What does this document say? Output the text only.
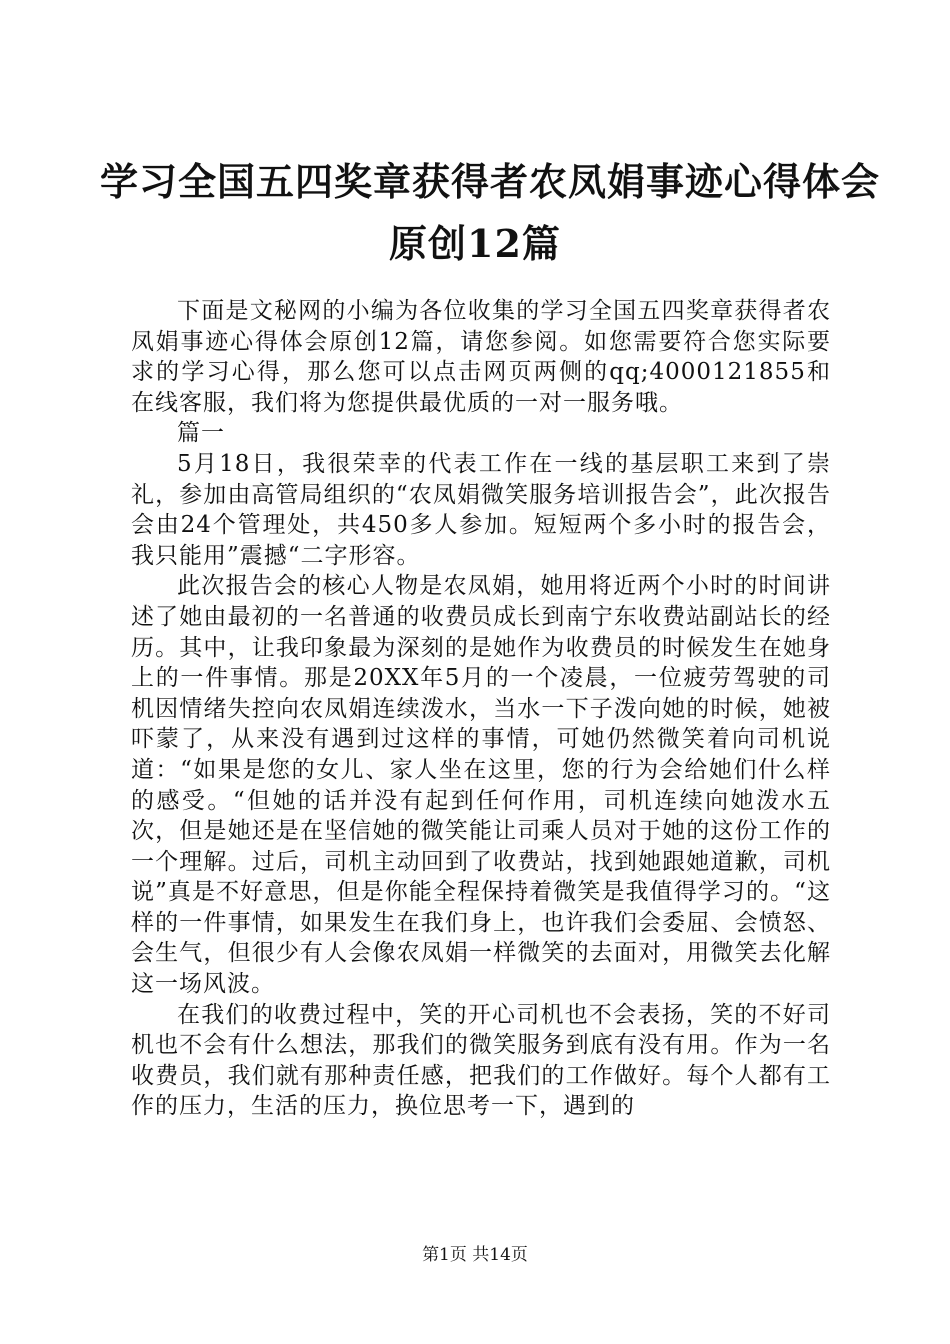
学习全国五四奖章获得者农凤娟事迹心得体会
原创12篇

下面是文秘网的小编为各位收集的学习全国五四奖章获得者农凤娟事迹心得体会原创12篇，请您参阅。如您需要符合您实际要求的学习心得，那么您可以点击网页两侧的qq;4000121855和在线客服，我们将为您提供最优质的一对一服务哦。

篇一

5月18日，我很荣幸的代表工作在一线的基层职工来到了崇礼，参加由高管局组织的“农凤娟微笑服务培训报告会”，此次报告会由24个管理处，共450多人参加。短短两个多小时的报告会，我只能用”震撼“二字形容。

此次报告会的核心人物是农凤娟，她用将近两个小时的时间讲述了她由最初的一名普通的收费员成长到南宁东收费站副站长的经历。其中，让我印象最为深刻的是她作为收费员的时候发生在她身上的一件事情。那是20XX年5月的一个凌晨，一位疲劳驾驶的司机因情绪失控向农凤娟连续泼水，当水一下子泼向她的时候，她被吓蒙了，从来没有遇到过这样的事情，可她仍然微笑着向司机说道：“如果是您的女儿、家人坐在这里，您的行为会给她们什么样的感受。“但她的话并没有起到任何作用，司机连续向她泼水五次，但是她还是在坚信她的微笑能让司乘人员对于她的这份工作的一个理解。过后，司机主动回到了收费站，找到她跟她道歉，司机说”真是不好意思，但是你能全程保持着微笑是我值得学习的。“这样的一件事情，如果发生在我们身上，也许我们会委屈、会愤怒、会生气，但很少有人会像农凤娟一样微笑的去面对，用微笑去化解这一场风波。

在我们的收费过程中，笑的开心司机也不会表扬，笑的不好司机也不会有什么想法，那我们的微笑服务到底有没有用。作为一名收费员，我们就有那种责任感，把我们的工作做好。每个人都有工作的压力，生活的压力，换位思考一下，遇到的

第1页 共14页
